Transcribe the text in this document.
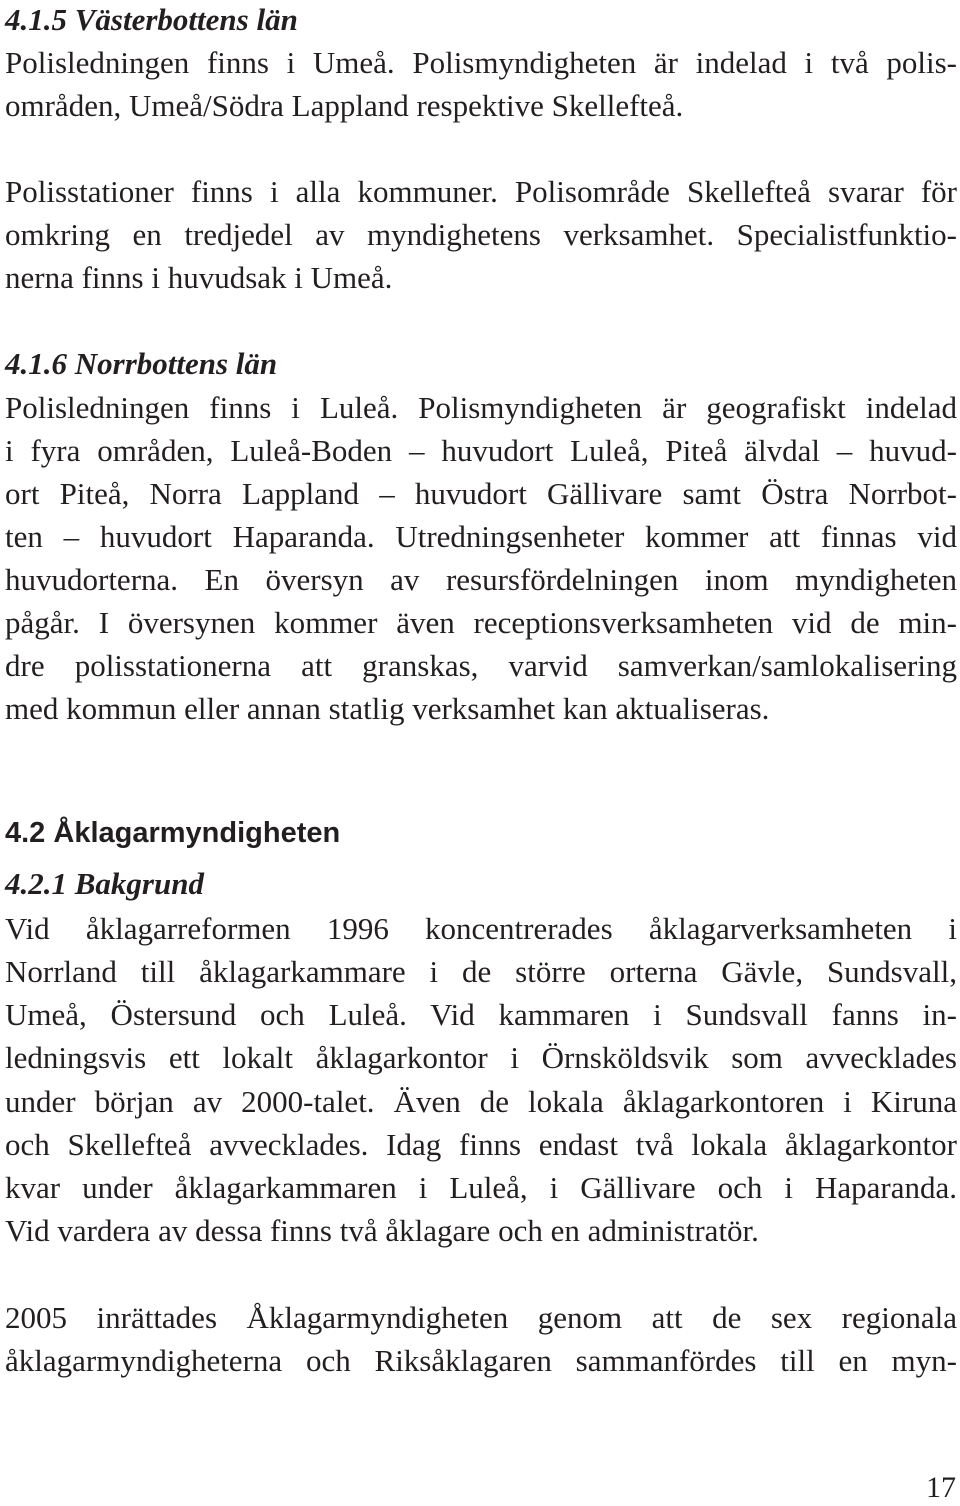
4.1.5 Västerbottens län
Polisledningen finns i Umeå. Polismyndigheten är indelad i två polis-
områden, Umeå/Södra Lappland respektive Skellefteå.
Polisstationer finns i alla kommuner. Polisområde Skellefteå svarar för
omkring en tredjedel av myndighetens verksamhet. Specialistfunktio-
nerna finns i huvudsak i Umeå.
4.1.6 Norrbottens län
Polisledningen finns i Luleå. Polismyndigheten är geografiskt indelad
i fyra områden, Luleå-Boden – huvudort Luleå, Piteå älvdal – huvud-
ort Piteå, Norra Lappland – huvudort Gällivare samt Östra Norrbot-
ten – huvudort Haparanda. Utredningsenheter kommer att finnas vid
huvudorterna. En översyn av resursfördelningen inom myndigheten
pågår. I översynen kommer även receptionsverksamheten vid de min-
dre polisstationerna att granskas, varvid samverkan/samlokalisering
med kommun eller annan statlig verksamhet kan aktualiseras.
4.2 Åklagarmyndigheten
4.2.1 Bakgrund
Vid åklagarreformen 1996 koncentrerades åklagarverksamheten i
Norrland till åklagarkammare i de större orterna Gävle, Sundsvall,
Umeå, Östersund och Luleå. Vid kammaren i Sundsvall fanns in-
ledningsvis ett lokalt åklagarkontor i Örnsköldsvik som avvecklades
under början av 2000-talet. Även de lokala åklagarkontoren i Kiruna
och Skellefteå avvecklades. Idag finns endast två lokala åklagarkontor
kvar under åklagarkammaren i Luleå, i Gällivare och i Haparanda.
Vid vardera av dessa finns två åklagare och en administratör.
2005 inrättades Åklagarmyndigheten genom att de sex regionala
åklagarmyndigheterna och Riksåklagaren sammanfördes till en myn-
17
